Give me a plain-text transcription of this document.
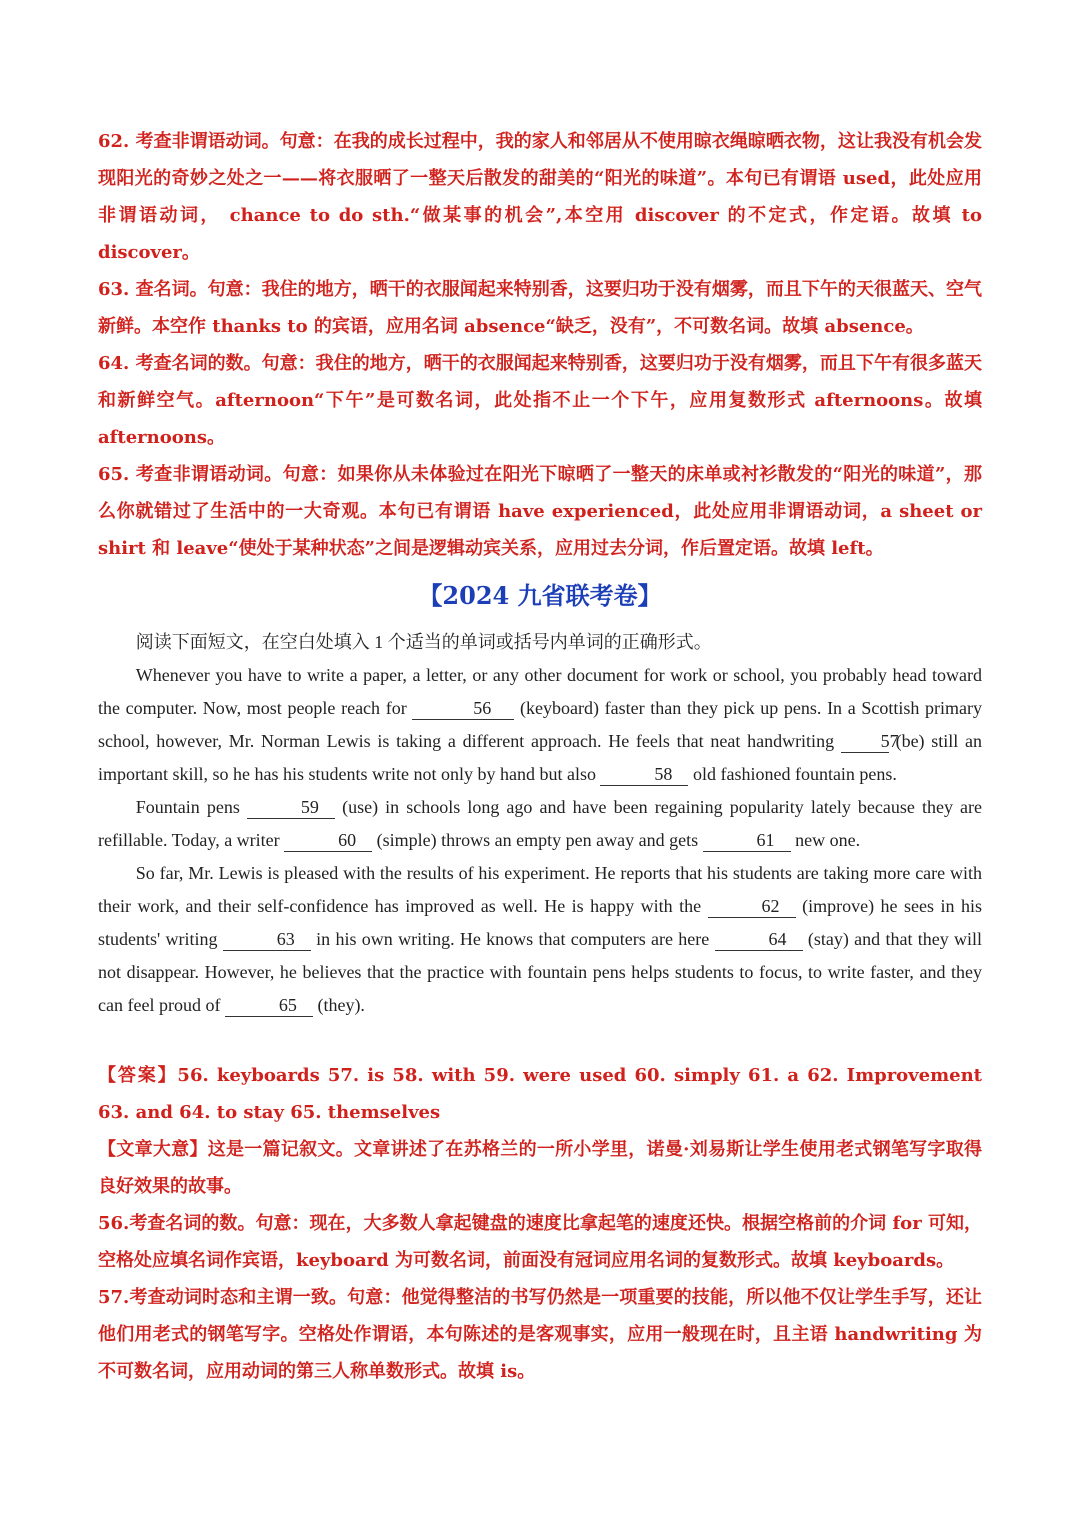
62. 考查非谓语动词。句意：在我的成长过程中，我的家人和邻居从不使用晾衣绳晾晒衣物，这让我没有机会发现阳光的奇妙之处之一——将衣服晒了一整天后散发的甜美的“阳光的味道”。本句已有谓语 used，此处应用非谓语动词， chance to do sth.“做某事的机会”,本空用 discover 的不定式，作定语。故填 to discover。

63. 查名词。句意：我住的地方，晒干的衣服闻起来特别香，这要归功于没有烟雾，而且下午的天很蓝天、空气新鲜。本空作 thanks to 的宾语，应用名词 absence“缺乏，没有”，不可数名词。故填 absence。

64. 考查名词的数。句意：我住的地方，晒干的衣服闻起来特别香，这要归功于没有烟雾，而且下午有很多蓝天和新鲜空气。afternoon“下午”是可数名词，此处指不止一个下午，应用复数形式 afternoons。故填 afternoons。

65. 考查非谓语动词。句意：如果你从未体验过在阳光下晾晒了一整天的床单或衬衫散发的“阳光的味道”，那么你就错过了生活中的一大奇观。本句已有谓语 have experienced，此处应用非谓语动词，a sheet or shirt 和 leave“使处于某种状态”之间是逻辑动宾关系，应用过去分词，作后置定语。故填 left。

【2024 九省联考卷】

阅读下面短文，在空白处填入 1 个适当的单词或括号内单词的正确形式。

Whenever you have to write a paper, a letter, or any other document for work or school, you probably head toward the computer. Now, most people reach for	56 (keyboard) faster than they pick up pens. In a Scottish primary school, however, Mr. Norman Lewis is taking a different approach. He feels that neat handwriting	57 (be) still an important skill, so he has his students write not only by hand but also	58 old fashioned fountain pens.

Fountain pens	59 (use) in schools long ago and have been regaining popularity lately because they are refillable. Today, a writer	60 (simple) throws an empty pen away and gets	61 new one.

So far, Mr. Lewis is pleased with the results of his experiment. He reports that his students are taking more care with their work, and their self-confidence has improved as well. He is happy with the	62 (improve) he sees in his students' writing	63 in his own writing. He knows that computers are here	64 (stay) and that they will not disappear. However, he believes that the practice with fountain pens helps students to focus, to write faster, and they can feel proud of	65 (they).

【答案】56. keyboards 57. is 58. with 59. were used 60. simply 61. a 62. Improvement 63. and 64. to stay 65. themselves

【文章大意】这是一篇记叙文。文章讲述了在苏格兰的一所小学里，诺曼·刘易斯让学生使用老式钢笔写字取得良好效果的故事。

56.考查名词的数。句意：现在，大多数人拿起键盘的速度比拿起笔的速度还快。根据空格前的介词 for 可知，空格处应填名词作宾语，keyboard 为可数名词，前面没有冠词应用名词的复数形式。故填 keyboards。

57.考查动词时态和主谓一致。句意：他觉得整洁的书写仍然是一项重要的技能，所以他不仅让学生手写，还让他们用老式的钢笔写字。空格处作谓语，本句陈述的是客观事实，应用一般现在时，且主语 handwriting 为不可数名词，应用动词的第三人称单数形式。故填 is。
